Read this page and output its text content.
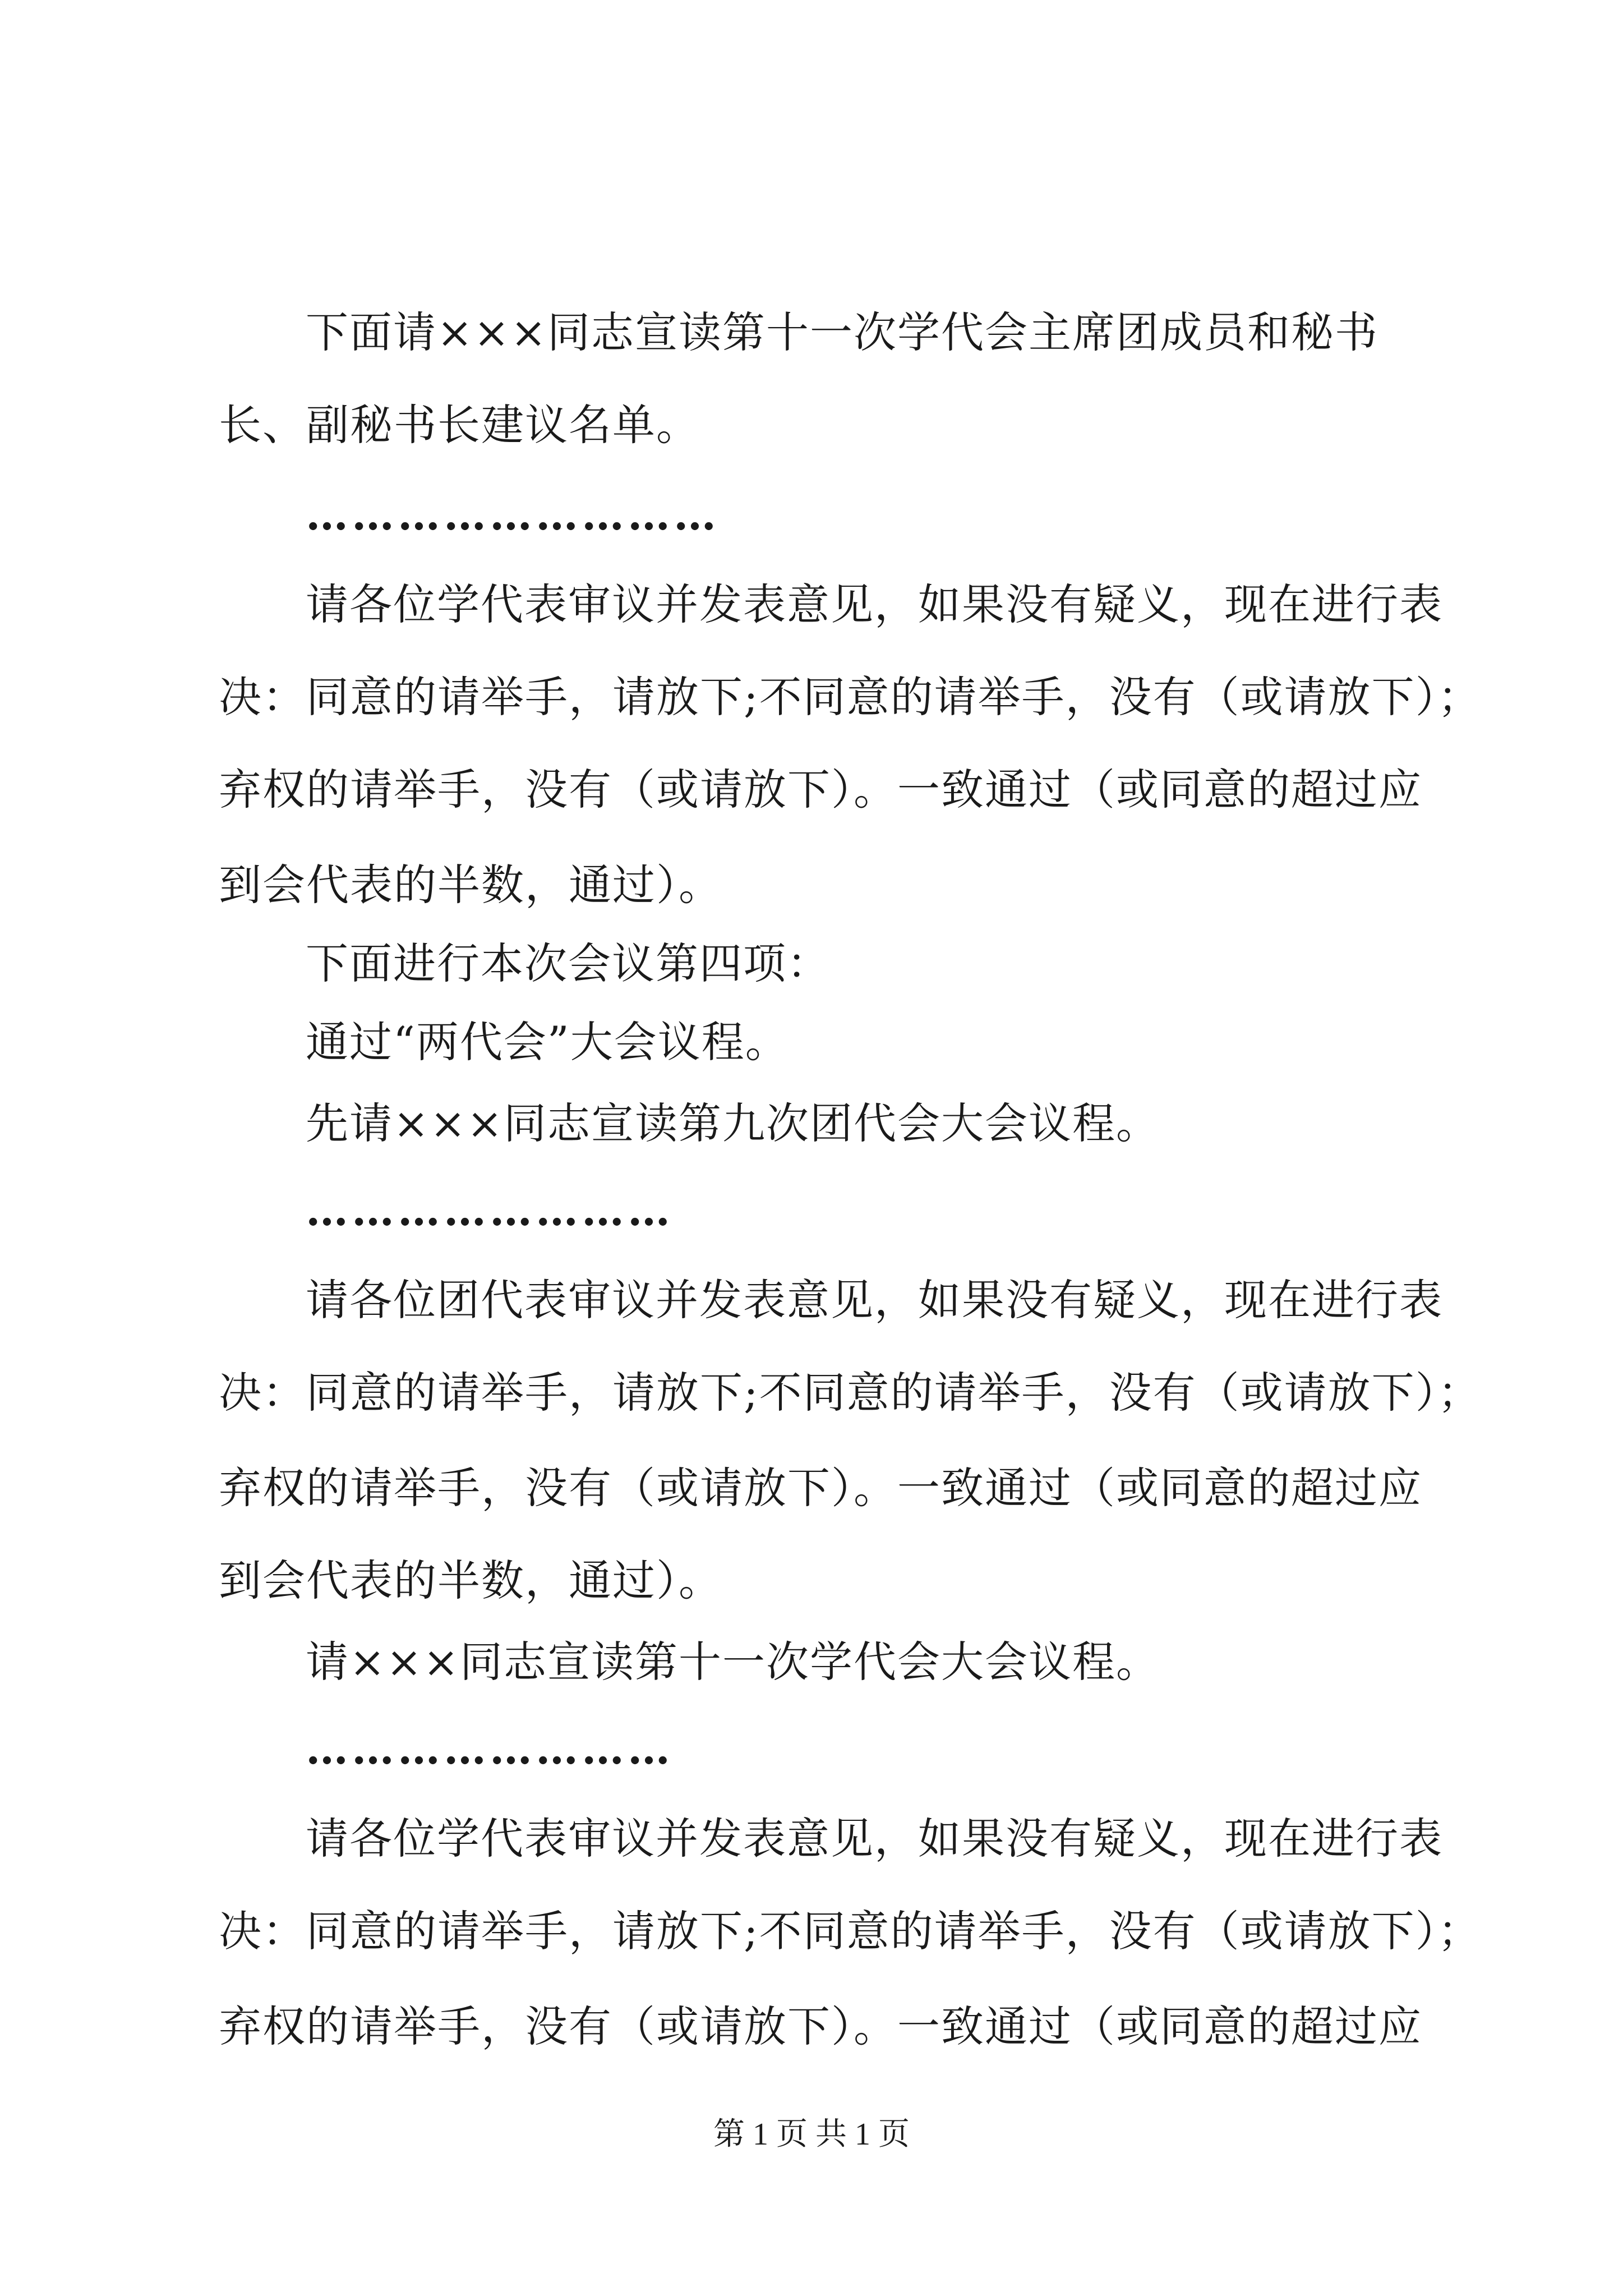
下面请×××同志宣读第十一次学代会主席团成员和秘书
长、副秘书长建议名单。
………………………
请各位学代表审议并发表意见，如果没有疑义，现在进行表
决：同意的请举手，请放下;不同意的请举手，没有（或请放下）；
弃权的请举手，没有（或请放下）。一致通过（或同意的超过应
到会代表的半数，通过）。
下面进行本次会议第四项：
通过“两代会”大会议程。
先请×××同志宣读第九次团代会大会议程。
……………………
请各位团代表审议并发表意见，如果没有疑义，现在进行表
决：同意的请举手，请放下;不同意的请举手，没有（或请放下）；
弃权的请举手，没有（或请放下）。一致通过（或同意的超过应
到会代表的半数，通过）。
请×××同志宣读第十一次学代会大会议程。
……………………
请各位学代表审议并发表意见，如果没有疑义，现在进行表
决：同意的请举手，请放下;不同意的请举手，没有（或请放下）；
弃权的请举手，没有（或请放下）。一致通过（或同意的超过应
第 1 页 共 1 页
